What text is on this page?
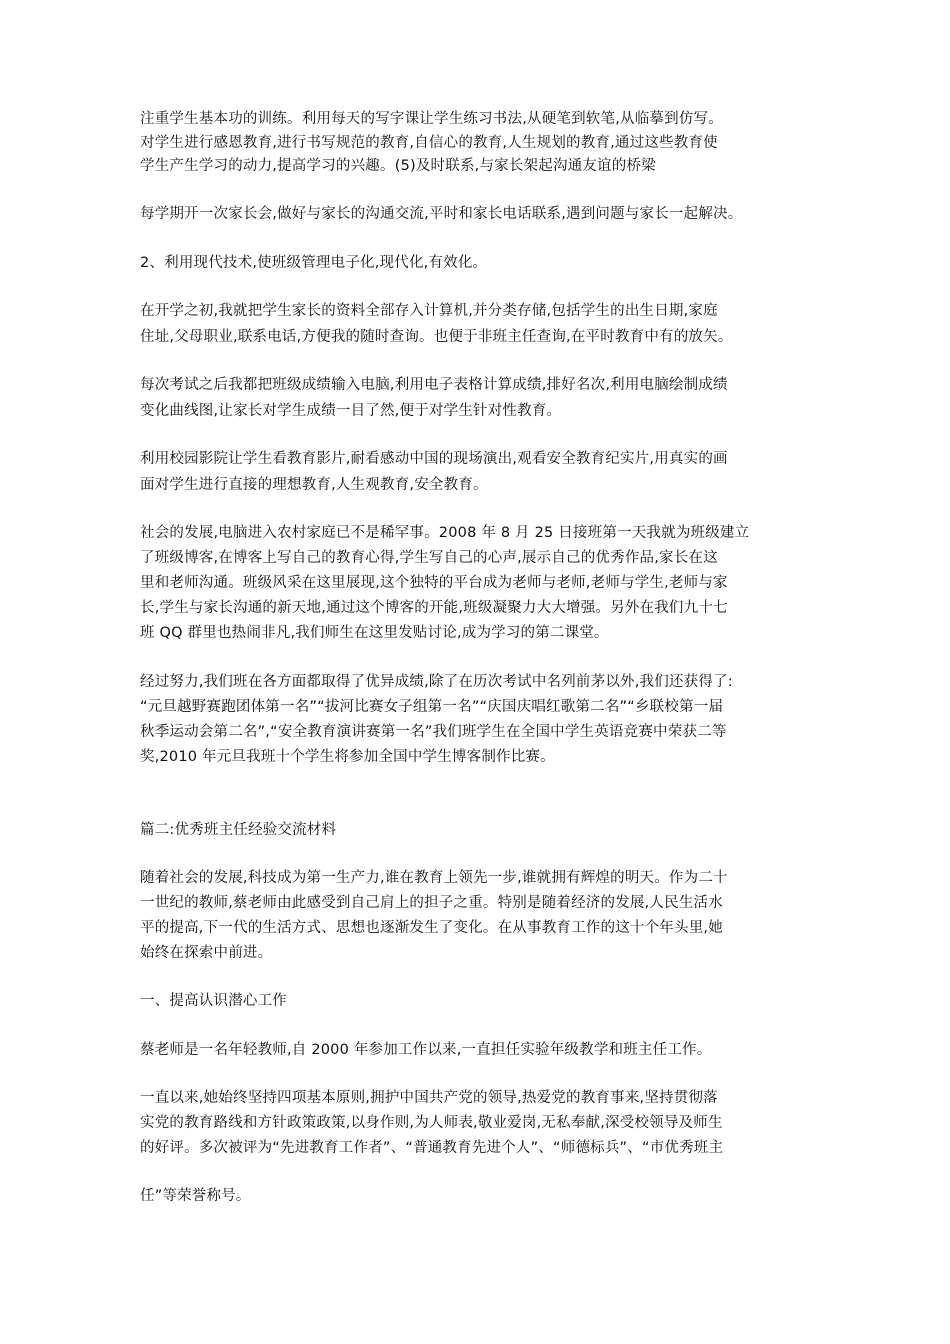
注重学生基本功的训练。利用每天的写字课让学生练习书法,从硬笔到软笔,从临摹到仿写。
对学生进行感恩教育,进行书写规范的教育,自信心的教育,人生规划的教育,通过这些教育使
学生产生学习的动力,提高学习的兴趣。(5)及时联系,与家长架起沟通友谊的桥梁
每学期开一次家长会,做好与家长的沟通交流,平时和家长电话联系,遇到问题与家长一起解决。
2、利用现代技术,使班级管理电子化,现代化,有效化。
在开学之初,我就把学生家长的资料全部存入计算机,并分类存储,包括学生的出生日期,家庭
住址,父母职业,联系电话,方便我的随时查询。也便于非班主任查询,在平时教育中有的放矢。
每次考试之后我都把班级成绩输入电脑,利用电子表格计算成绩,排好名次,利用电脑绘制成绩
变化曲线图,让家长对学生成绩一目了然,便于对学生针对性教育。
利用校园影院让学生看教育影片,耐看感动中国的现场演出,观看安全教育纪实片,用真实的画
面对学生进行直接的理想教育,人生观教育,安全教育。
社会的发展,电脑进入农村家庭已不是稀罕事。2008 年 8 月 25 日接班第一天我就为班级建立
了班级博客,在博客上写自己的教育心得,学生写自己的心声,展示自己的优秀作品,家长在这
里和老师沟通。班级风采在这里展现,这个独特的平台成为老师与老师,老师与学生,老师与家
长,学生与家长沟通的新天地,通过这个博客的开能,班级凝聚力大大增强。另外在我们九十七
班 QQ 群里也热闹非凡,我们师生在这里发贴讨论,成为学习的第二课堂。
经过努力,我们班在各方面都取得了优异成绩,除了在历次考试中名列前茅以外,我们还获得了:
“元旦越野赛跑团体第一名”“拔河比赛女子组第一名”“庆国庆唱红歌第二名”“乡联校第一届
秋季运动会第二名”,“安全教育演讲赛第一名”我们班学生在全国中学生英语竞赛中荣获二等
奖,2010 年元旦我班十个学生将参加全国中学生博客制作比赛。
篇二:优秀班主任经验交流材料
随着社会的发展,科技成为第一生产力,谁在教育上领先一步,谁就拥有辉煌的明天。作为二十
一世纪的教师,蔡老师由此感受到自己肩上的担子之重。特别是随着经济的发展,人民生活水
平的提高,下一代的生活方式、思想也逐渐发生了变化。在从事教育工作的这十个年头里,她
始终在探索中前进。
一、提高认识潜心工作
蔡老师是一名年轻教师,自 2000 年参加工作以来,一直担任实验年级教学和班主任工作。
一直以来,她始终坚持四项基本原则,拥护中国共产党的领导,热爱党的教育事来,坚持贯彻落
实党的教育路线和方针政策政策,以身作则,为人师表,敬业爱岗,无私奉献,深受校领导及师生
的好评。多次被评为“先进教育工作者”、“普通教育先进个人”、“师德标兵”、“市优秀班主
任”等荣誉称号。
